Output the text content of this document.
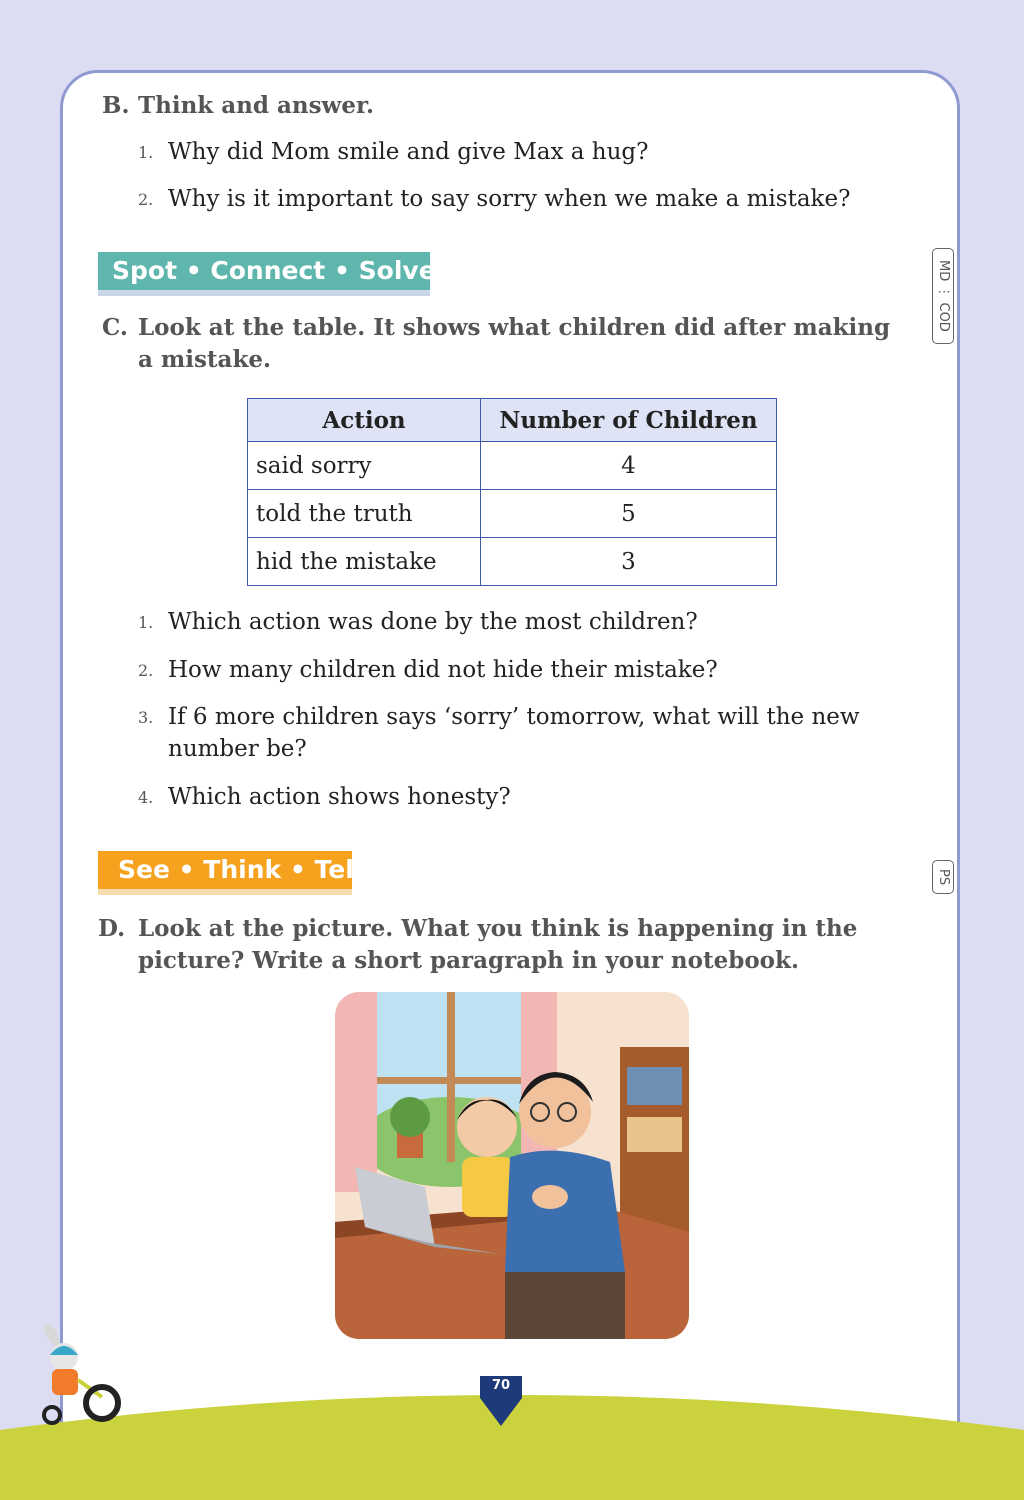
B. Think and answer.
1. Why did Mom smile and give Max a hug?
2. Why is it important to say sorry when we make a mistake?
Spot • Connect • Solve	MD ⋮ COD
C. Look at the table. It shows what children did after making
a mistake.
Action	Number of Children
said sorry	4
told the truth	5
hid the mistake	3
1. Which action was done by the most children?
2. How many children did not hide their mistake?
3. If 6 more children says ‘sorry’ tomorrow, what will the new number be?
4. Which action shows honesty?
See • Think • Tell	PS
D. Look at the picture. What you think is happening in the
picture? Write a short paragraph in your notebook.
70
